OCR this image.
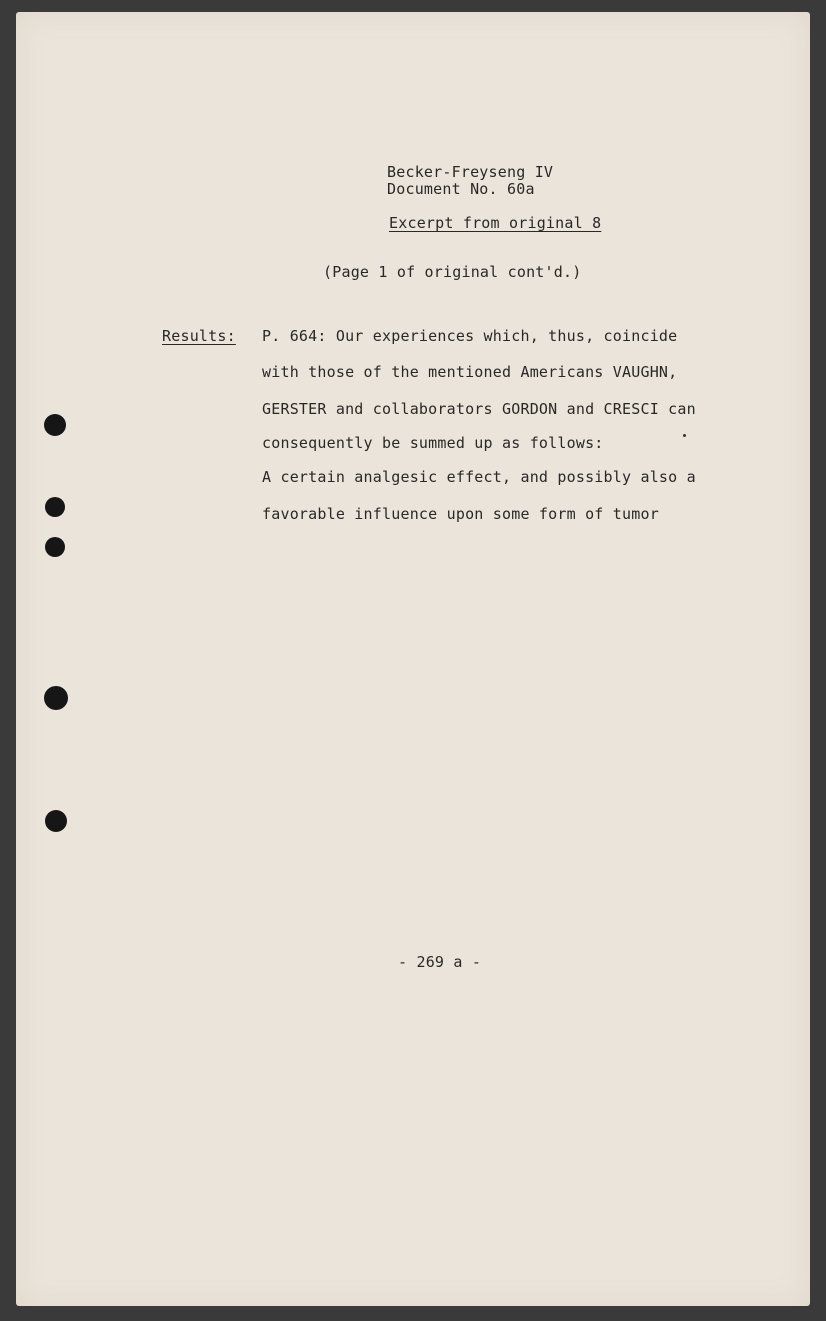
Becker-Freyseng IV
Document No. 60a
Excerpt from original 8
(Page 1 of original cont'd.)
Results: P. 664: Our experiences which, thus, coincide
with those of the mentioned Americans VAUGHN,
GERSTER and collaborators GORDON and CRESCI can
consequently be summed up as follows:
A certain analgesic effect, and possibly also a
favorable influence upon some form of tumor
- 269 a -
